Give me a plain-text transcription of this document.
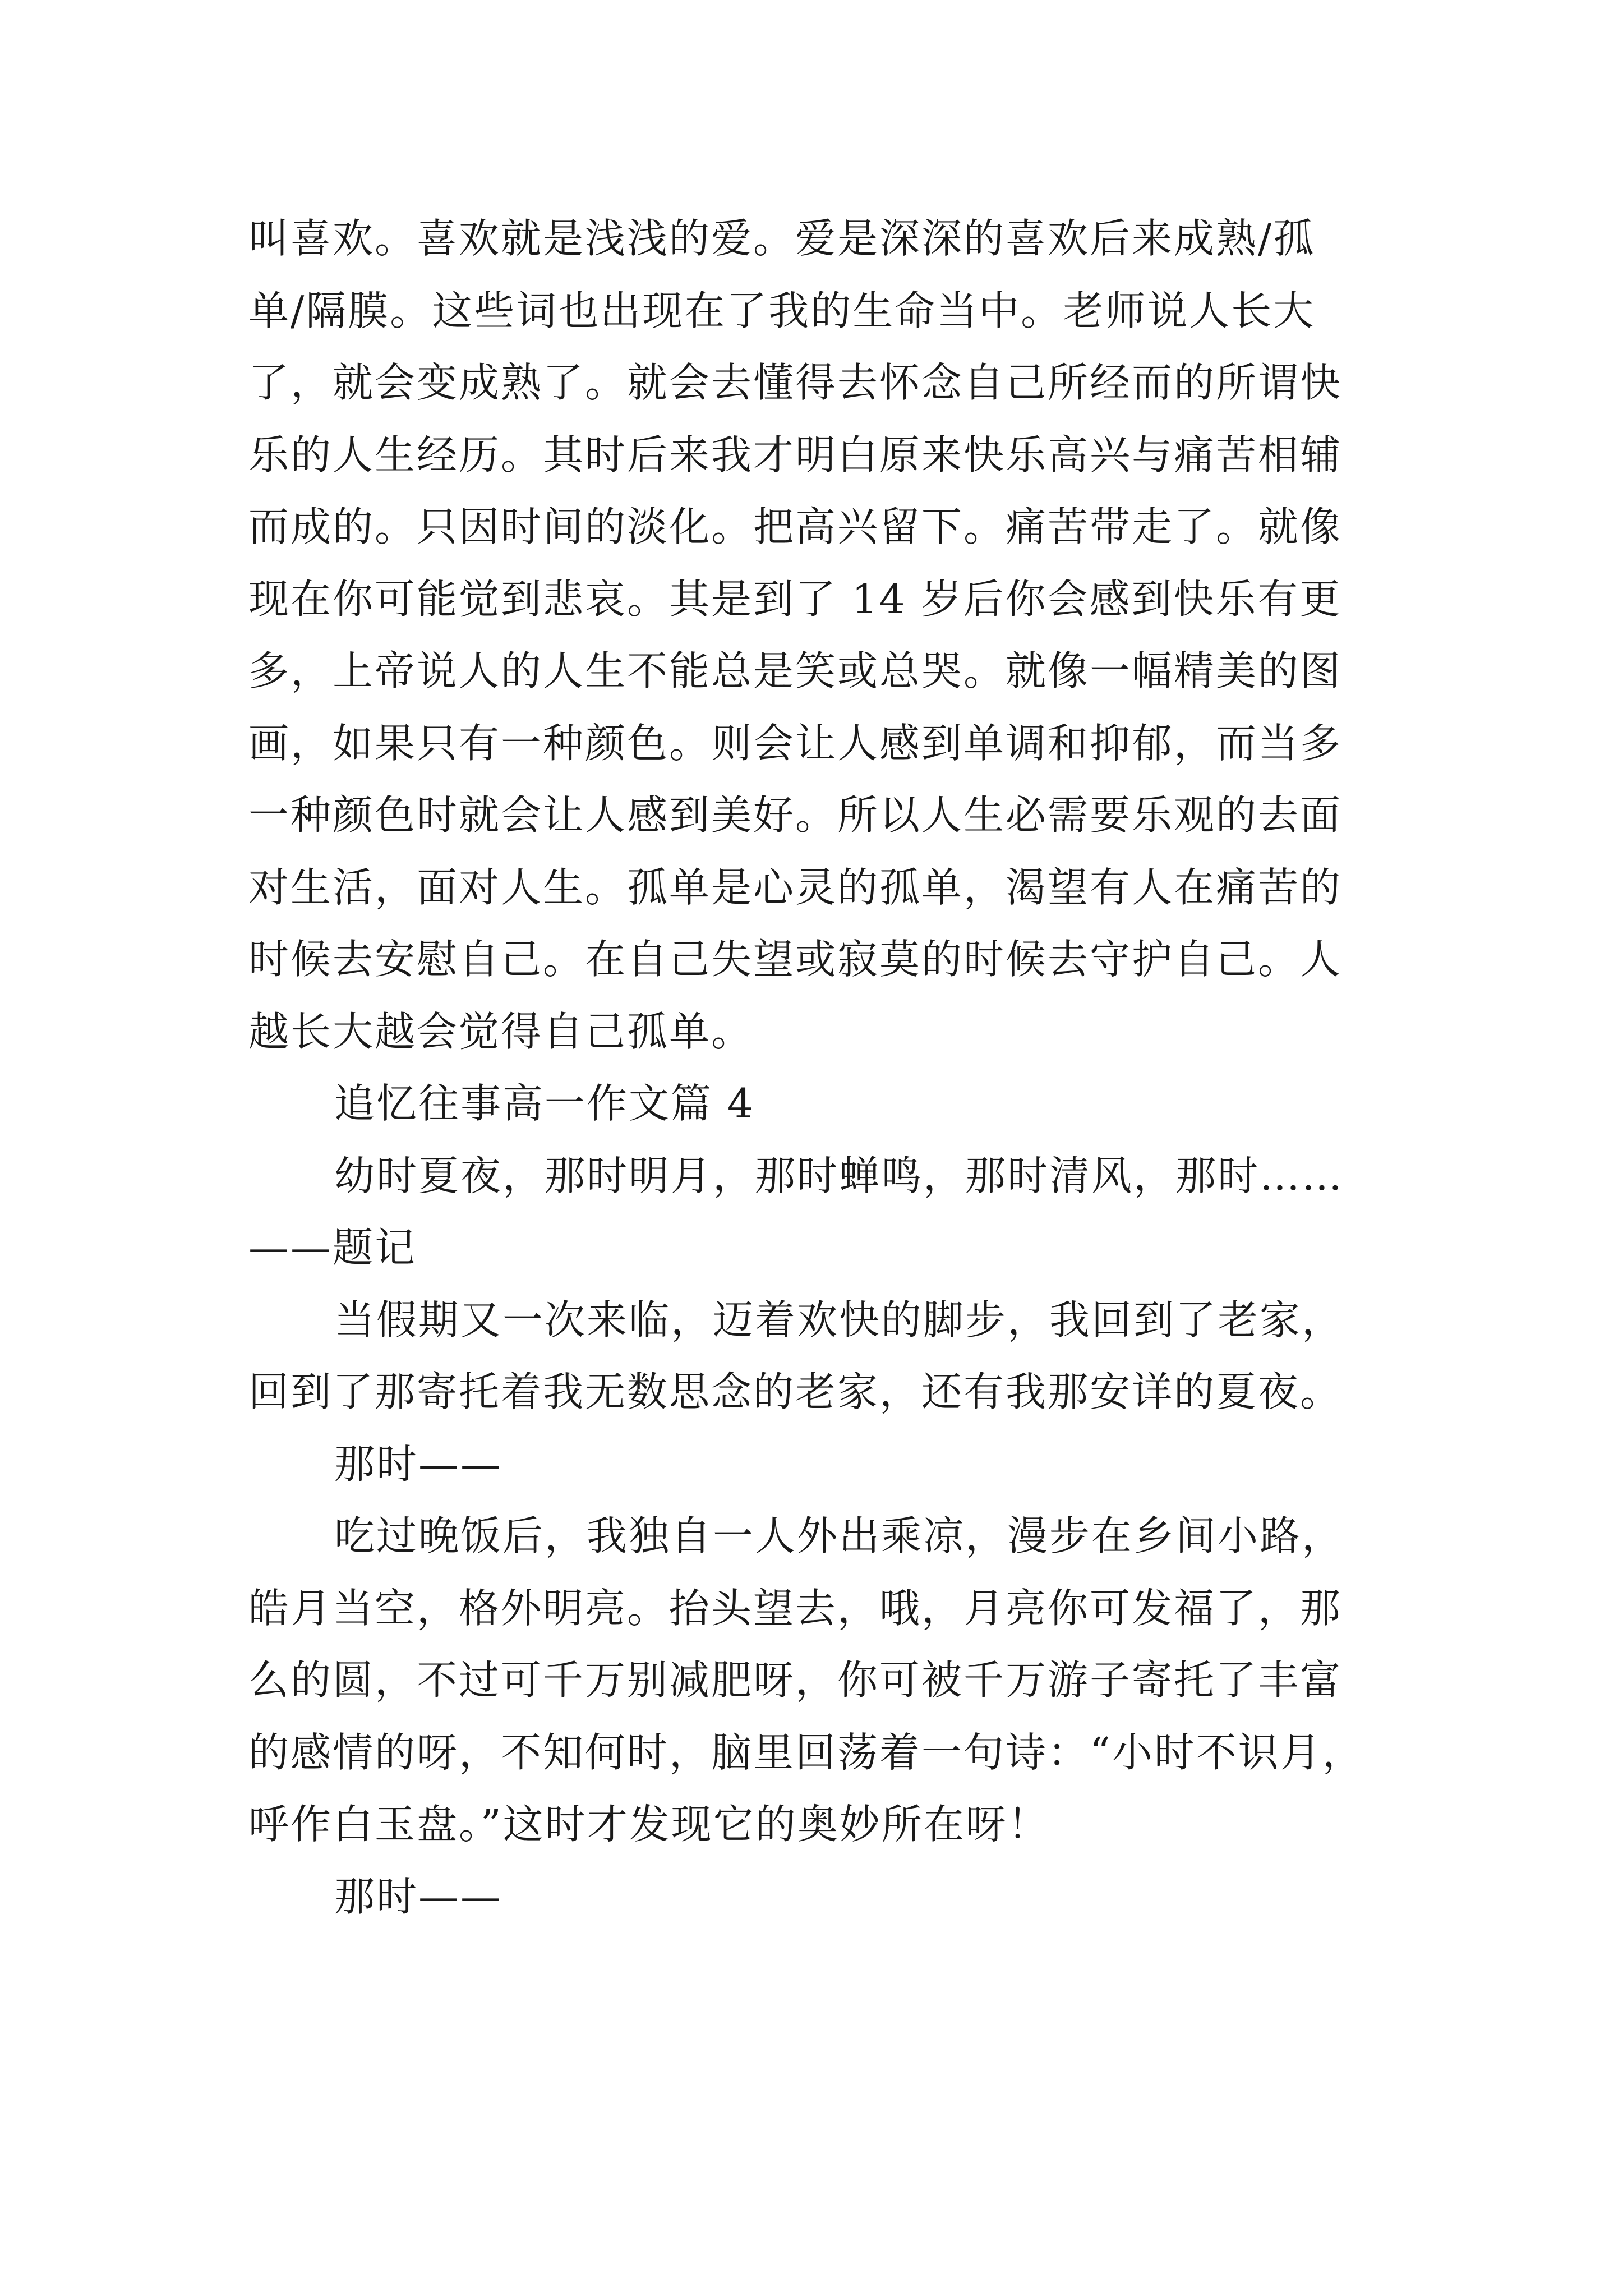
叫喜欢。喜欢就是浅浅的爱。爱是深深的喜欢后来成熟/孤
单/隔膜。这些词也出现在了我的生命当中。老师说人长大
了，就会变成熟了。就会去懂得去怀念自己所经而的所谓快
乐的人生经历。其时后来我才明白原来快乐高兴与痛苦相辅
而成的。只因时间的淡化。把高兴留下。痛苦带走了。就像
现在你可能觉到悲哀。其是到了 14 岁后你会感到快乐有更
多，上帝说人的人生不能总是笑或总哭。就像一幅精美的图
画，如果只有一种颜色。则会让人感到单调和抑郁，而当多
一种颜色时就会让人感到美好。所以人生必需要乐观的去面
对生活，面对人生。孤单是心灵的孤单，渴望有人在痛苦的
时候去安慰自己。在自己失望或寂莫的时候去守护自己。人
越长大越会觉得自己孤单。
追忆往事高一作文篇 4
幼时夏夜，那时明月，那时蝉鸣，那时清风，那时……
——题记
当假期又一次来临，迈着欢快的脚步，我回到了老家，
回到了那寄托着我无数思念的老家，还有我那安详的夏夜。
那时——
吃过晚饭后，我独自一人外出乘凉，漫步在乡间小路，
皓月当空，格外明亮。抬头望去，哦，月亮你可发福了，那
么的圆，不过可千万别减肥呀，你可被千万游子寄托了丰富
的感情的呀，不知何时，脑里回荡着一句诗：“小时不识月，
呼作白玉盘。”这时才发现它的奥妙所在呀！
那时——
